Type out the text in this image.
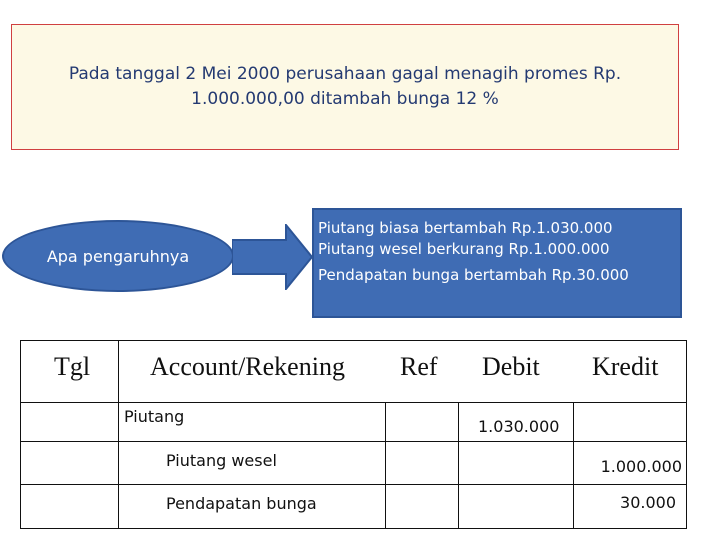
Pada tanggal 2 Mei 2000 perusahaan gagal menagih promes Rp.
1.000.000,00 ditambah bunga 12 %

Apa pengaruhnya
Piutang biasa bertambah Rp.1.030.000
Piutang wesel berkurang Rp.1.000.000
Pendapatan bunga bertambah Rp.30.000
Tgl Account/Rekening Ref Debit Kredit
Piutang
1.030.000
Piutang wesel	1.000.000
Pendapatan bunga	30.000
